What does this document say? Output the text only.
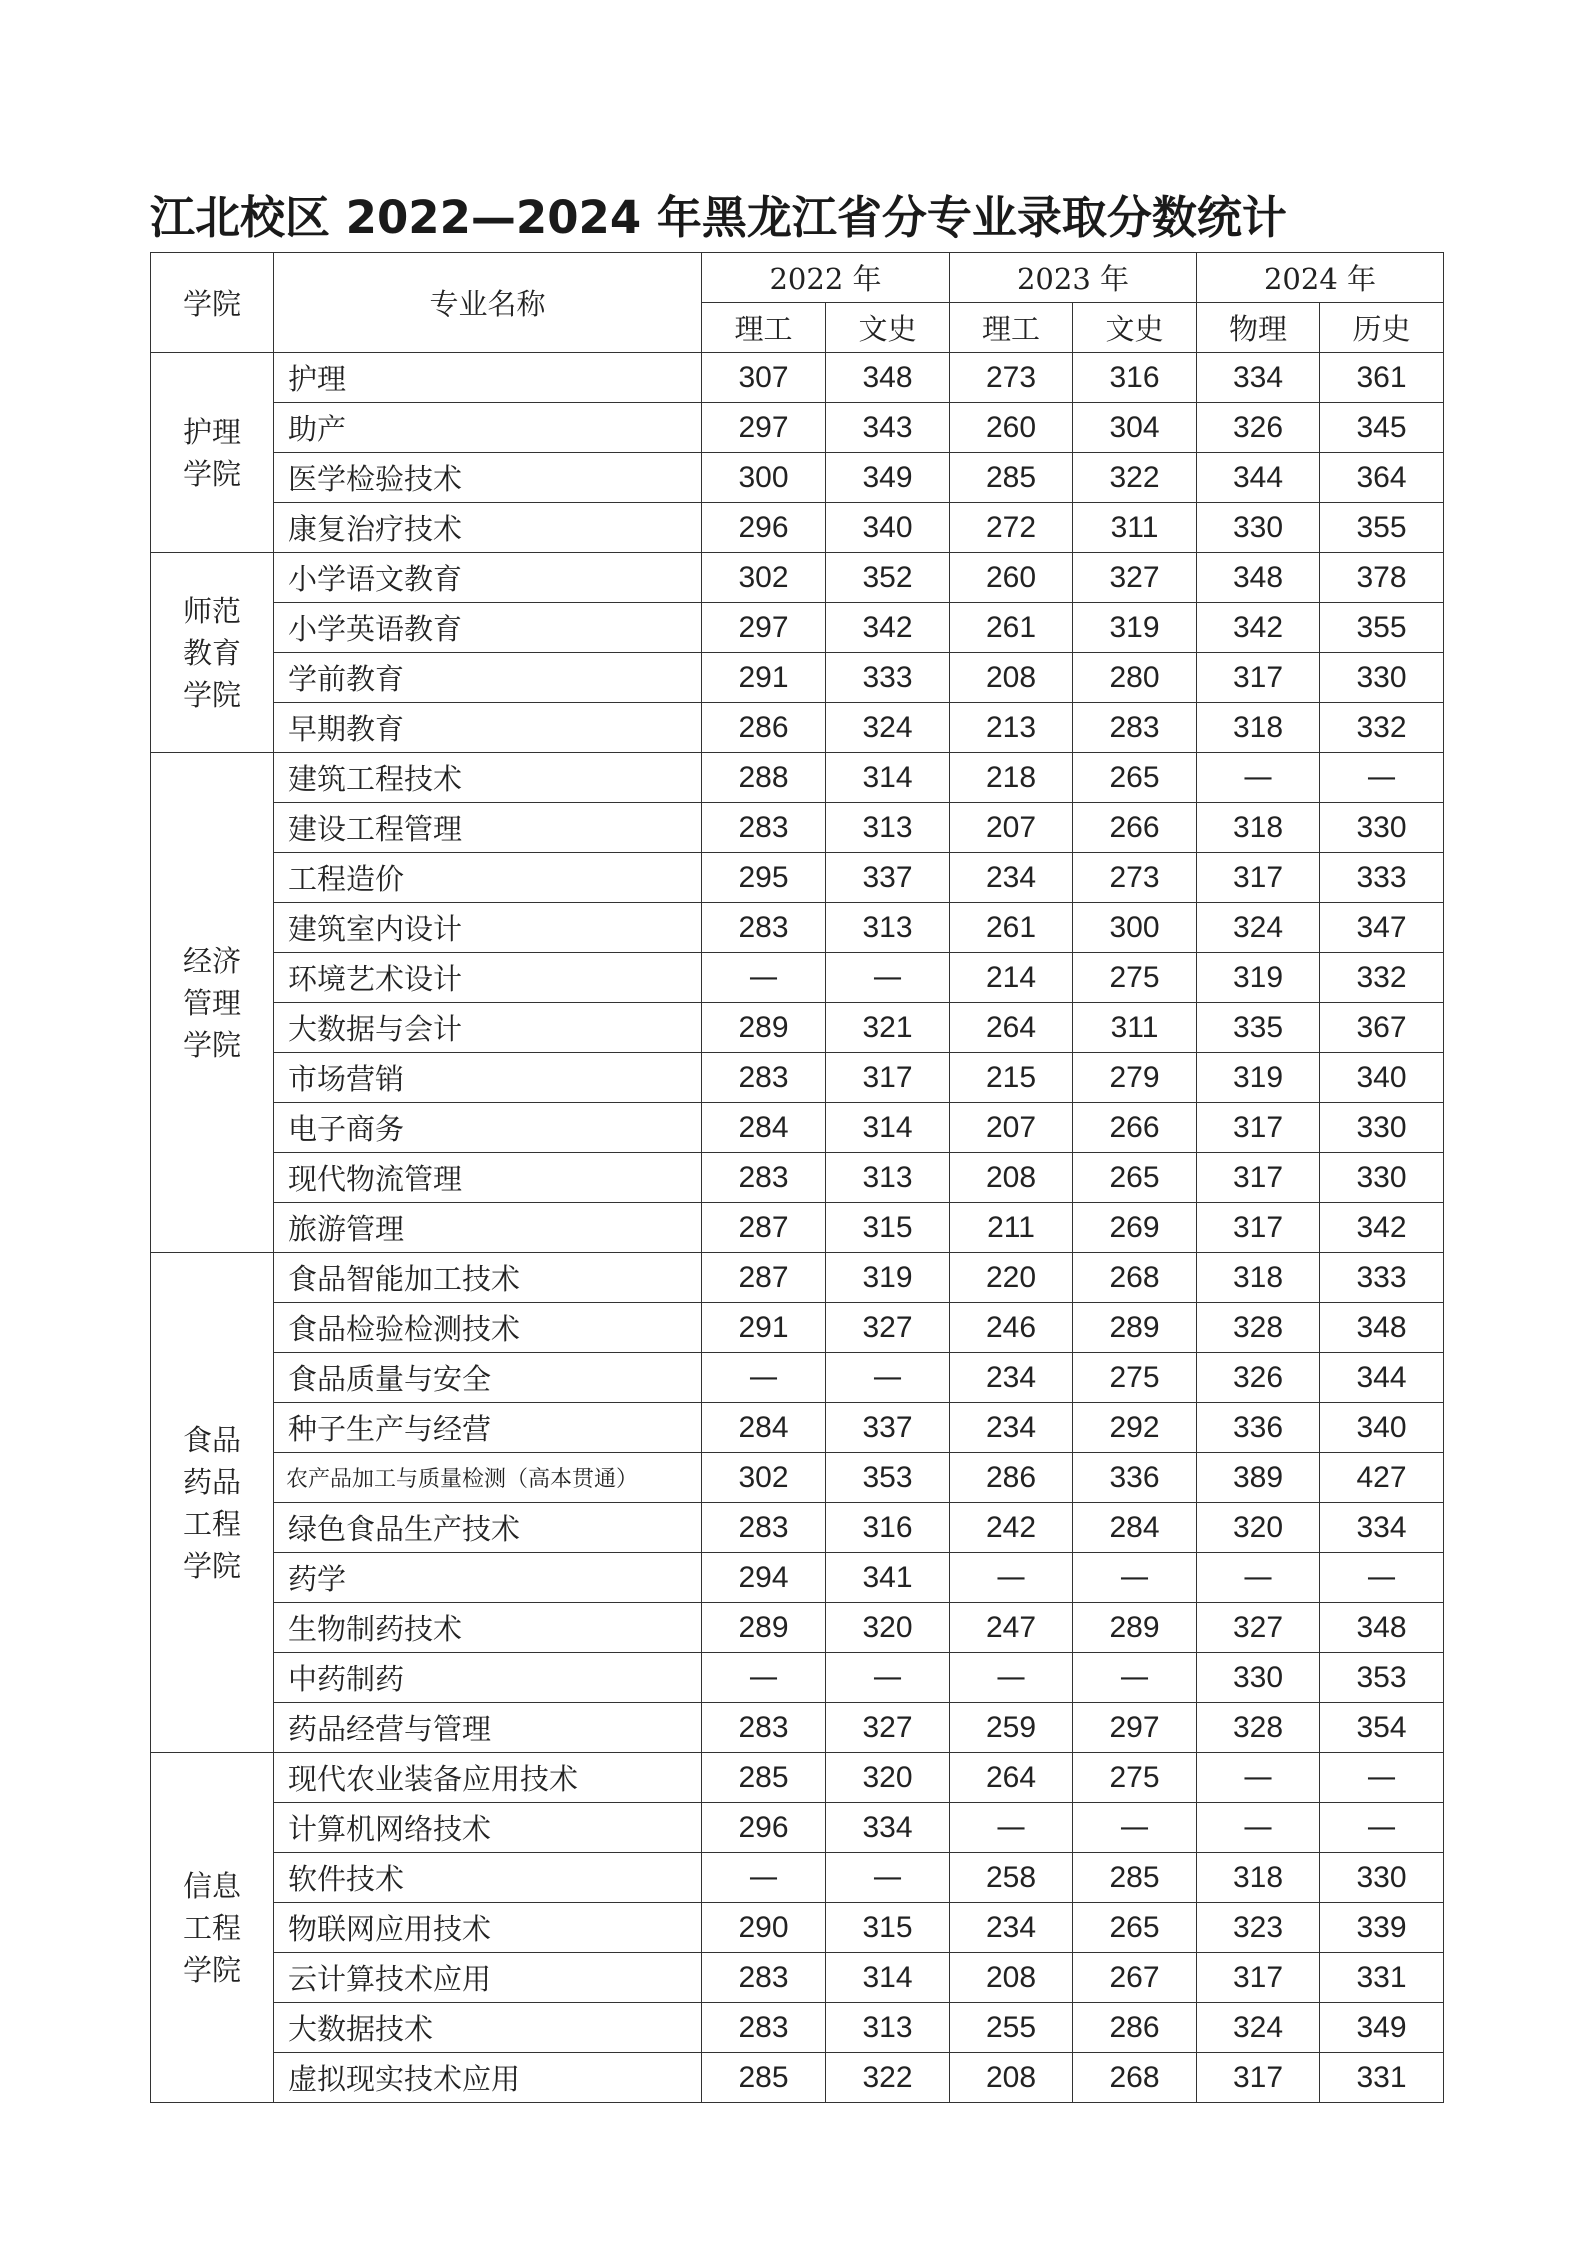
江北校区 2022—2024 年黑龙江省分专业录取分数统计
学院	专业名称	2022 年		2023 年		2024 年	
		理工	文史	理工	文史	物理	历史

护理
学院	护理	307	348	273	316	334	361
	助产	297	343	260	304	326	345
	医学检验技术	300	349	285	322	344	364
	康复治疗技术	296	340	272	311	330	355

师范
教育
学院	小学语文教育	302	352	260	327	348	378
	小学英语教育	297	342	261	319	342	355
	学前教育	291	333	208	280	317	330
	早期教育	286	324	213	283	318	332

经济
管理
学院	建筑工程技术	288	314	218	265	—	—
	建设工程管理	283	313	207	266	318	330
	工程造价	295	337	234	273	317	333
	建筑室内设计	283	313	261	300	324	347
	环境艺术设计	—	—	214	275	319	332
	大数据与会计	289	321	264	311	335	367
	市场营销	283	317	215	279	319	340
	电子商务	284	314	207	266	317	330
	现代物流管理	283	313	208	265	317	330
	旅游管理	287	315	211	269	317	342

食品
药品
工程
学院	食品智能加工技术	287	319	220	268	318	333
	食品检验检测技术	291	327	246	289	328	348
	食品质量与安全	—	—	234	275	326	344
	种子生产与经营	284	337	234	292	336	340
	农产品加工与质量检测（高本贯通）	302	353	286	336	389	427
	绿色食品生产技术	283	316	242	284	320	334
	药学	294	341	—	—	—	—
	生物制药技术	289	320	247	289	327	348
	中药制药	—	—	—	—	330	353
	药品经营与管理	283	327	259	297	328	354

信息
工程
学院	现代农业装备应用技术	285	320	264	275	—	—
	计算机网络技术	296	334	—	—	—	—
	软件技术	—	—	258	285	318	330
	物联网应用技术	290	315	234	265	323	339
	云计算技术应用	283	314	208	267	317	331
	大数据技术	283	313	255	286	324	349
	虚拟现实技术应用	285	322	208	268	317	331
